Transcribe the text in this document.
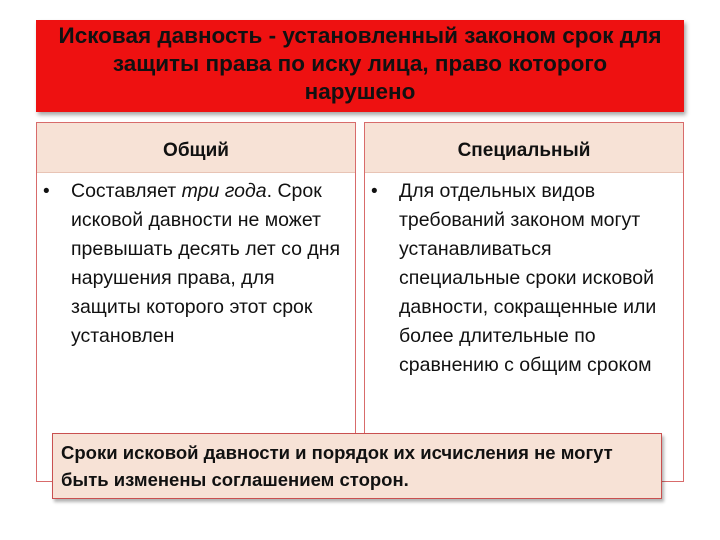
Исковая давность - установленный законом срок для защиты права по иску лица, право которого нарушено

Общий
• Составляет три года. Срок исковой давности не может превышать десять лет со дня нарушения права, для защиты которого этот срок установлен
Специальный
• Для отдельных видов требований законом могут устанавливаться специальные сроки исковой давности, сокращенные или более длительные по сравнению с общим сроком
Сроки исковой давности и порядок их исчисления не могут быть изменены соглашением сторон.
